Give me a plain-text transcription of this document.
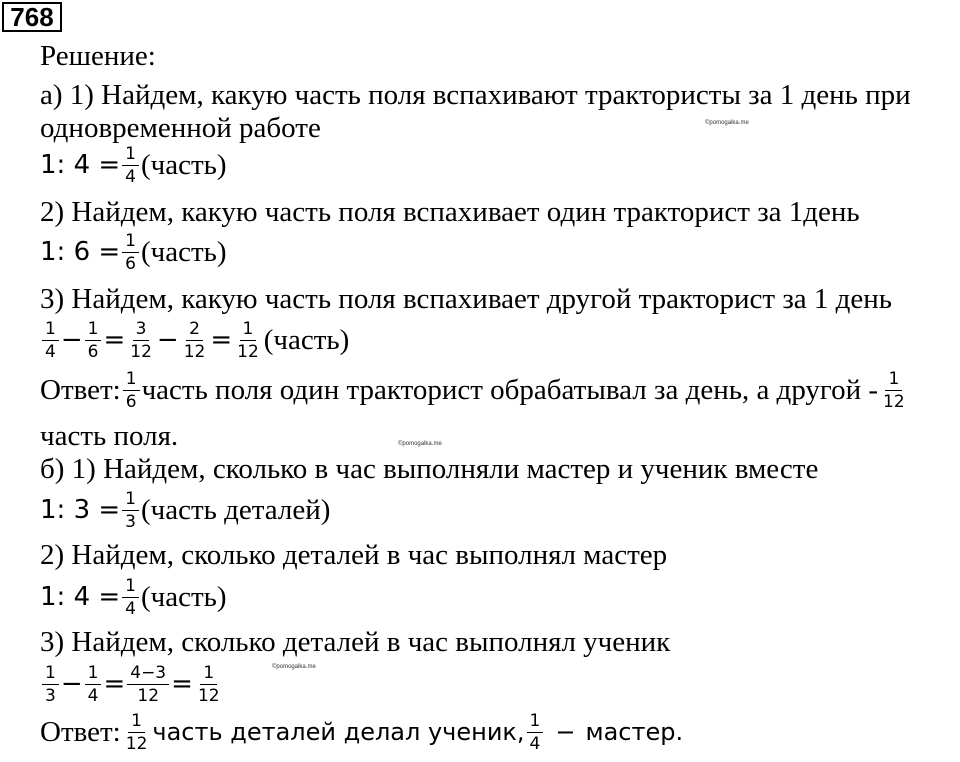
768
Решение:
а) 1) Найдем, какую часть поля вспахивают трактористы за 1 день при
одновременной работе	©pomogalka.me
1: $4 = \frac{1}{4}$ (часть)
2) Найдем, какую часть поля вспахивает один тракторист за 1день
1: $6 = \frac{1}{6}$ (часть)
3) Найдем, какую часть поля вспахивает другой тракторист за 1 день
$\frac{1}{4} - \frac{1}{6} = \frac{3}{12} - \frac{2}{12} = \frac{1}{12}$ (часть)
Ответ: $\frac{1}{6}$ часть поля один тракторист обрабатывал за день, а другой - $\frac{1}{12}$
часть поля.	©pomogalka.me
б) 1) Найдем, сколько в час выполняли мастер и ученик вместе
1: $3 = \frac{1}{3}$ (часть деталей)
2) Найдем, сколько деталей в час выполнял мастер
1: $4 = \frac{1}{4}$ (часть)
3) Найдем, сколько деталей в час выполнял ученик
©pomogalka.me
$\frac{1}{3} - \frac{1}{4} = \frac{4-3}{12} = \frac{1}{12}$
Ответ: $\frac{1}{12}$ часть деталей делал ученик, $\frac{1}{4}$ − мастер.
